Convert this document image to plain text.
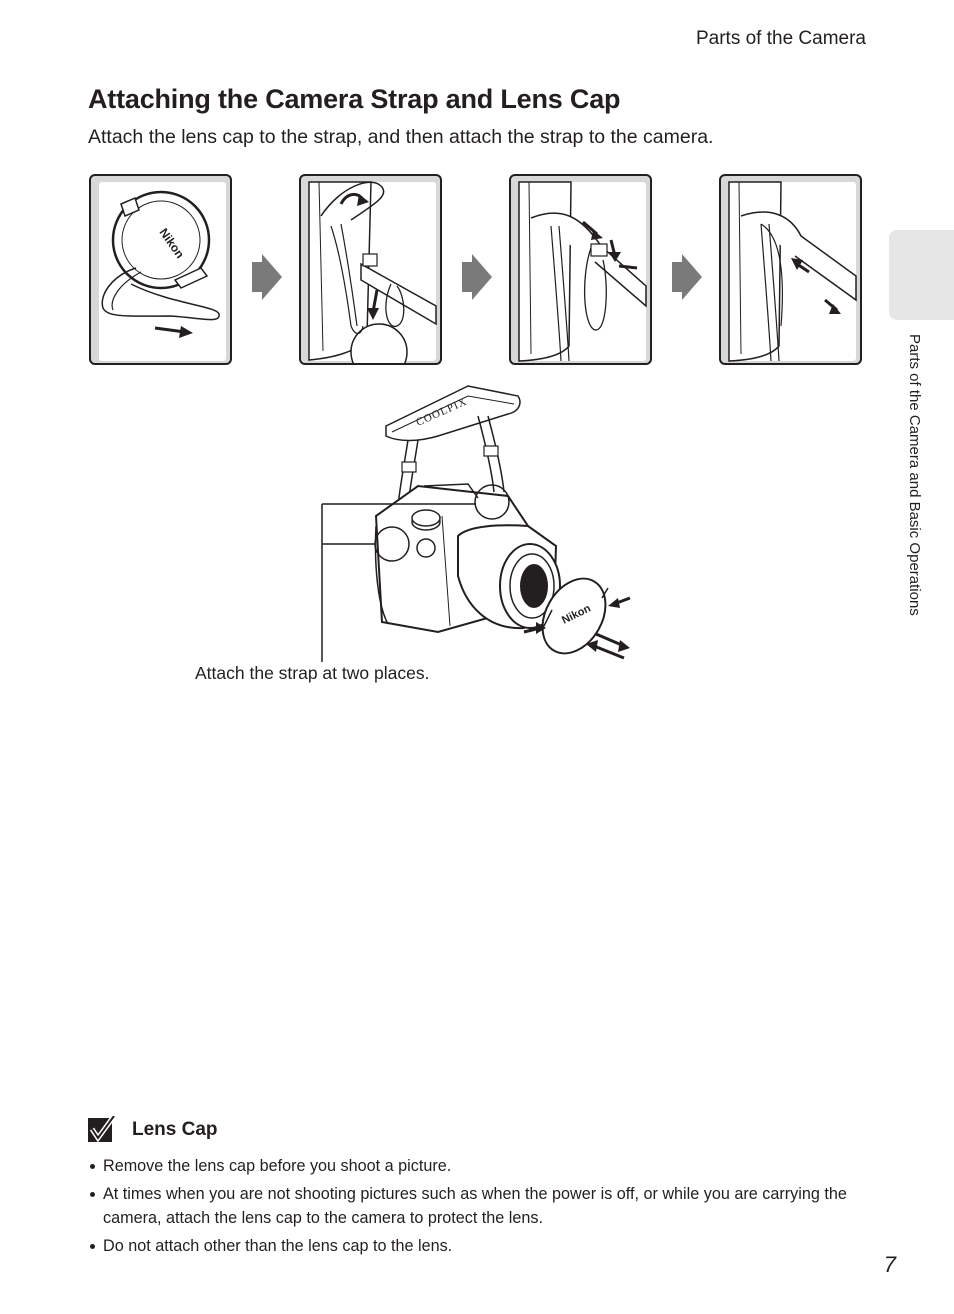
Parts of the Camera
Attaching the Camera Strap and Lens Cap

Attach the lens cap to the strap, and then attach the strap to the camera.

Parts of the Camera and Basic Operations
Nikon
COOLPIX
Nikon
Attach the strap at two places.
Lens Cap
Remove the lens cap before you shoot a picture.
At times when you are not shooting pictures such as when the power is off, or while you are carrying the camera, attach the lens cap to the camera to protect the lens.
Do not attach other than the lens cap to the lens.
7
